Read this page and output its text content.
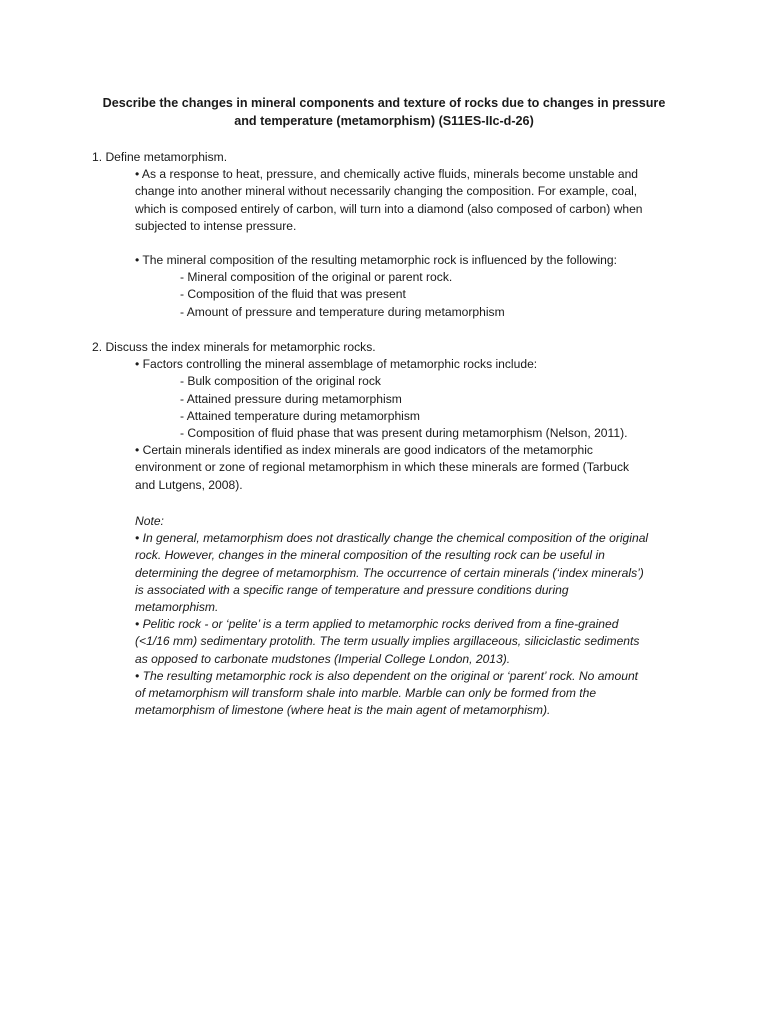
Describe the changes in mineral components and texture of rocks due to changes in pressure
and temperature (metamorphism) (S11ES-IIc-d-26)
1. Define metamorphism.
• As a response to heat, pressure, and chemically active fluids, minerals become unstable and
change into another mineral without necessarily changing the composition. For example, coal,
which is composed entirely of carbon, will turn into a diamond (also composed of carbon) when
subjected to intense pressure.
• The mineral composition of the resulting metamorphic rock is influenced by the following:
- Mineral composition of the original or parent rock.
- Composition of the fluid that was present
- Amount of pressure and temperature during metamorphism
2. Discuss the index minerals for metamorphic rocks.
• Factors controlling the mineral assemblage of metamorphic rocks include:
- Bulk composition of the original rock
- Attained pressure during metamorphism
- Attained temperature during metamorphism
- Composition of fluid phase that was present during metamorphism (Nelson, 2011).
• Certain minerals identified as index minerals are good indicators of the metamorphic
environment or zone of regional metamorphism in which these minerals are formed (Tarbuck
and Lutgens, 2008).
Note:
• In general, metamorphism does not drastically change the chemical composition of the original
rock. However, changes in the mineral composition of the resulting rock can be useful in
determining the degree of metamorphism. The occurrence of certain minerals (‘index minerals’)
is associated with a specific range of temperature and pressure conditions during
metamorphism.
• Pelitic rock - or ‘pelite’ is a term applied to metamorphic rocks derived from a fine-grained
(<1/16 mm) sedimentary protolith. The term usually implies argillaceous, siliciclastic sediments
as opposed to carbonate mudstones (Imperial College London, 2013).
• The resulting metamorphic rock is also dependent on the original or ‘parent’ rock. No amount
of metamorphism will transform shale into marble. Marble can only be formed from the
metamorphism of limestone (where heat is the main agent of metamorphism).
